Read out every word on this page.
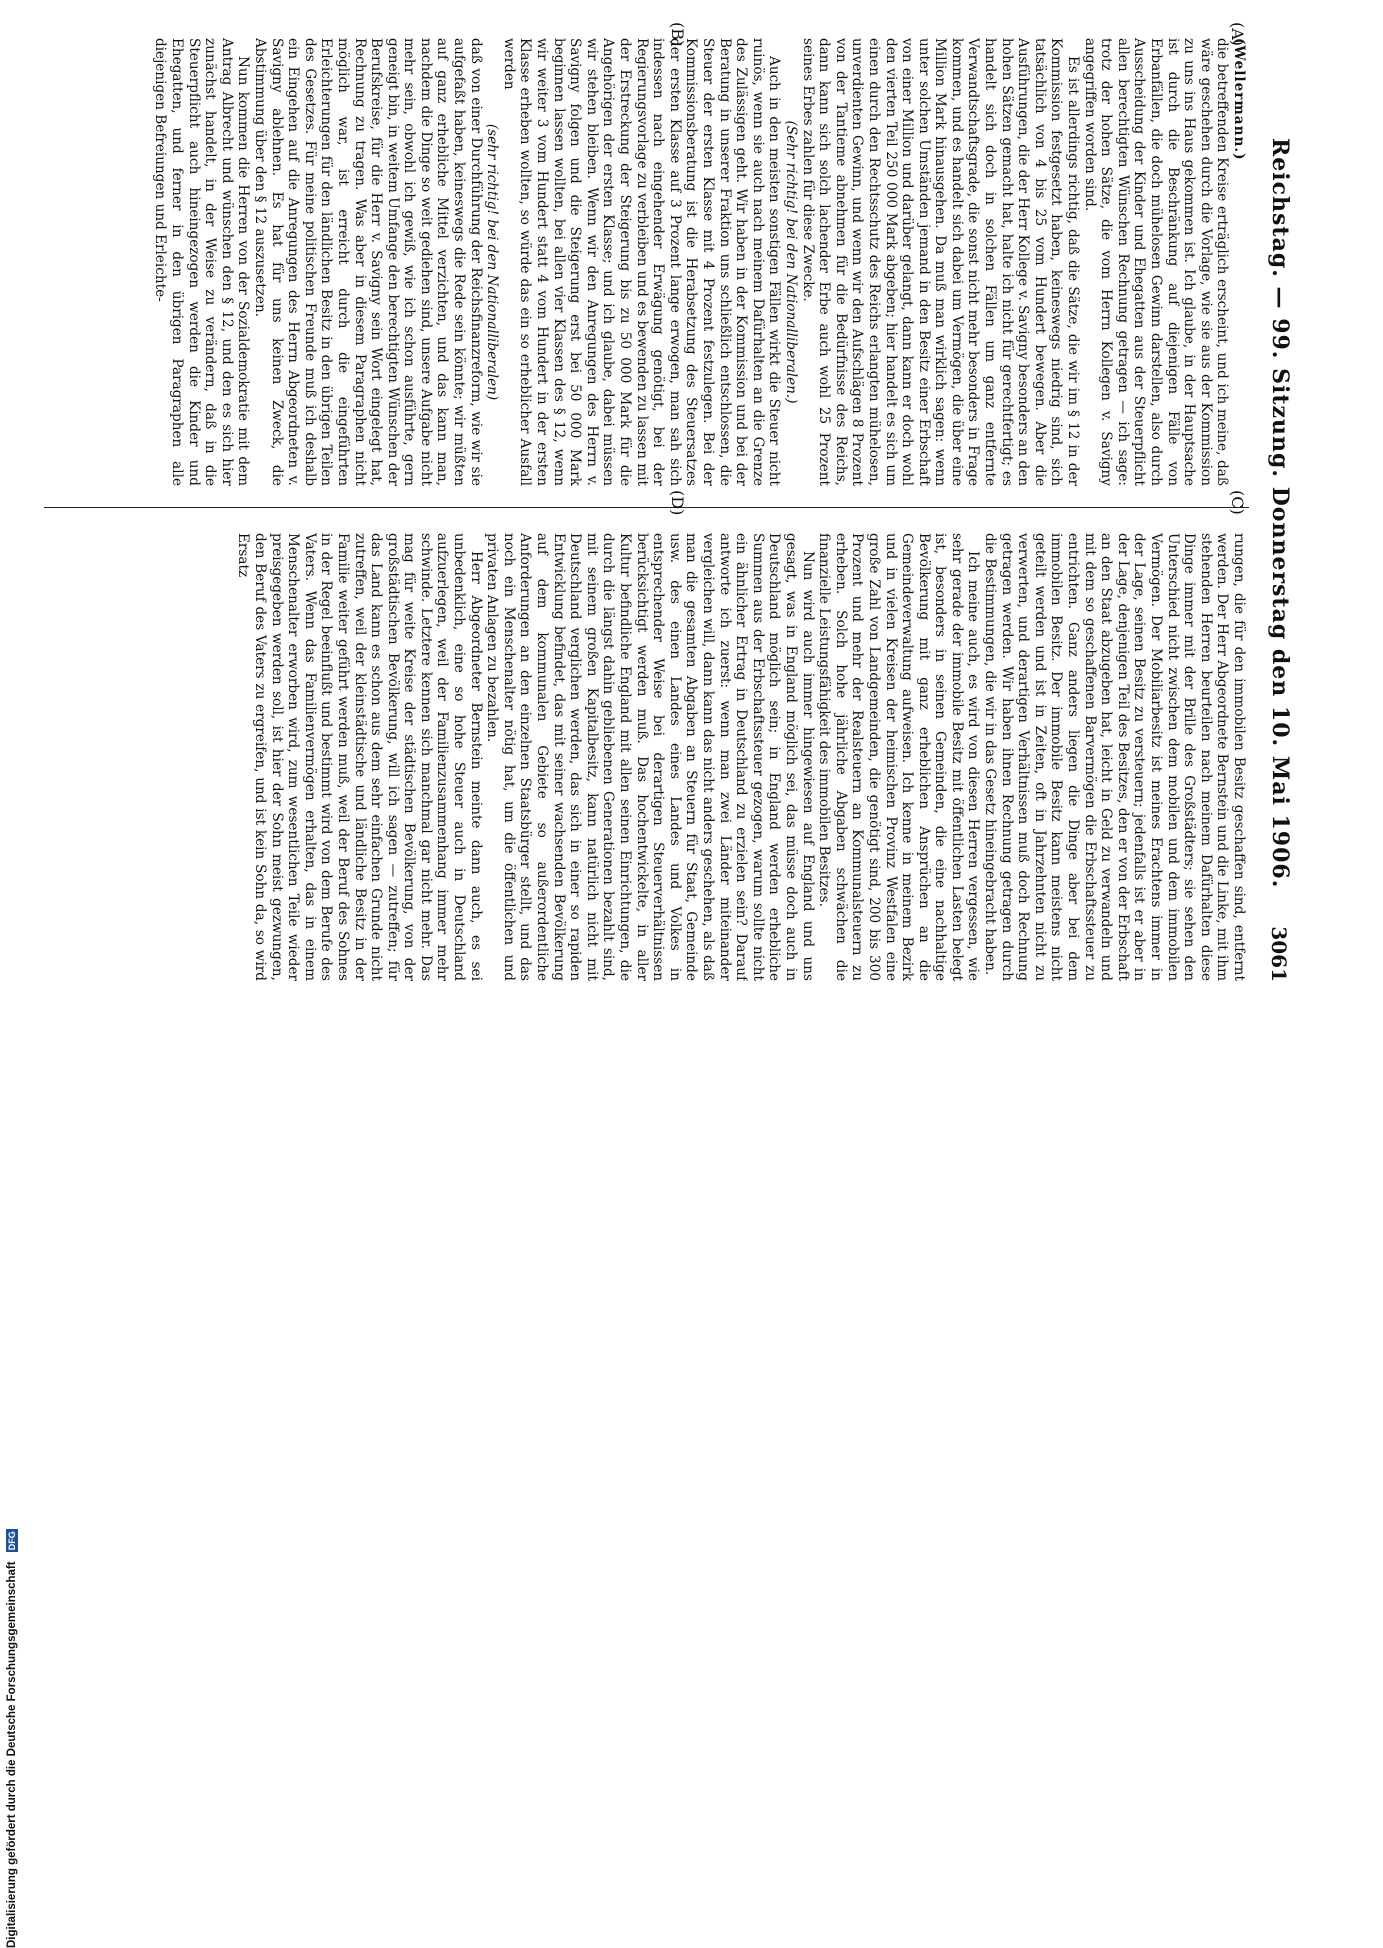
Reichstag. — 99. Sitzung. Donnerstag den 10. Mai 1906.
3061

(Wellermann.)

die betreffenden Kreise erträglich erscheint, und ich meine, daß wäre geschehen durch die Vorlage, wie sie aus der Kommission zu uns ins Haus gekommen ist. Ich glaube, in der Hauptsache ist durch die Beschränkung auf diejenigen Fälle von Erbanfällen, die doch mühelosen Gewinn darstellen, also durch Ausscheidung der Kinder und Ehegatten aus der Steuerpflicht allen berechtigten Wünschen Rechnung getragen — ich sage: trotz der hohen Sätze, die vom Herrn Kollegen v. Savigny angegriffen worden sind.

Es ist allerdings richtig, daß die Sätze, die wir im § 12 in der Kommission festgesetzt haben, keineswegs niedrig sind, sich tatsächlich von 4 bis 25 vom Hundert bewegen. Aber die Ausführungen, die der Herr Kollege v. Savigny besonders an den hohen Sätzen gemacht hat, halte ich nicht für gerechtfertigt; es handelt sich doch in solchen Fällen um ganz entfernte Verwandtschaftsgrade, die sonst nicht mehr besonders in Frage kommen, und es handelt sich dabei um Vermögen, die über eine Million Mark hinausgehen. Da muß man wirklich sagen: wenn unter solchen Umständen jemand in den Besitz einer Erbschaft von einer Million und darüber gelangt, dann kann er doch wohl den vierten Teil 250 000 Mark abgeben; hier handelt es sich um einen durch den Rechtsschutz des Reichs erlangten mühelosen, unverdienten Gewinn, und wenn wir den Aufschlägen 8 Prozent von der Tantieme abnehmen für die Bedürfnisse des Reichs, dann kann sich solch lachender Erbe auch wohl 25 Prozent seines Erbes zahlen für diese Zwecke.

(Sehr richtig! bei den Nationalliberalen.)

Auch in den meisten sonstigen Fällen wirkt die Steuer nicht ruinös, wenn sie auch nach meinem Dafürhalten an die Grenze des Zulässigen geht. Wir haben in der Kommission und bei der Beratung in unserer Fraktion uns schließlich entschlossen, die Steuer der ersten Klasse mit 4 Prozent festzulegen. Bei der Kommissionsberatung ist die Herabsetzung des Steuersatzes der ersten Klasse auf 3 Prozent lange erwogen, man sah sich indessen nach eingehender Erwägung genötigt, bei der Regierungsvorlage zu verbleiben und es bewenden zu lassen mit der Erstreckung der Steigerung bis zu 50 000 Mark für die Angehörigen der ersten Klasse; und ich glaube, dabei müssen wir stehen bleiben. Wenn wir den Anregungen des Herrn v. Savigny folgen und die Steigerung erst bei 50 000 Mark beginnen lassen wollten, bei allen vier Klassen des § 12, wenn wir weiter 3 vom Hundert statt 4 vom Hundert in der ersten Klasse erheben wollten, so würde das ein so erheblicher Ausfall werden

(sehr richtig! bei den Nationalliberalen)

daß von einer Durchführung der Reichsfinanzreform, wie wir sie aufgefaßt haben, keineswegs die Rede sein könnte; wir müßten auf ganz erhebliche Mittel verzichten, und das kann man, nachdem die Dinge so weit gediehen sind, unsere Aufgabe nicht mehr sein, obwohl ich gewiß, wie ich schon ausführte, gern geneigt bin, in weitem Umfange den berechtigten Wünschen der Berufskreise, für die Herr v. Savigny sein Wort eingelegt hat, Rechnung zu tragen. Was aber in diesem Paragraphen nicht möglich war, ist erreicht durch die eingeführten Erleichterungen für den ländlichen Besitz in den übrigen Teilen des Gesetzes. Für meine politischen Freunde muß ich deshalb ein Eingehen auf die Anregungen des Herrn Abgeordneten v. Savigny ablehnen. Es hat für uns keinen Zweck, die Abstimmung über den § 12 auszusetzen.

Nun kommen die Herren von der Sozialdemokratie mit dem Antrag Albrecht und wünschen den § 12, und den es sich hier zunächst handelt, in der Weise zu verändern, daß in die Steuerpflicht auch hineingezogen werden die Kinder und Ehegatten, und ferner in den übrigen Paragraphen alle diejenigen Befreiungen und Erleichte-

rungen, die für den immobilen Besitz geschaffen sind, entfernt werden. Der Herr Abgeordnete Bernstein und die Linke, mit ihm stehenden Herren beurteilen nach meinem Dafürhalten diese Dinge immer mit der Brille des Großstädters; sie sehen den Unterschied nicht zwischen dem mobilen und dem immobilen Vermögen. Der Mobiliarbesitz ist meines Erachtens immer in der Lage, seinen Besitz zu versteuern; jedenfalls ist er aber in der Lage, denjenigen Teil des Besitzes, den er von der Erbschaft an den Staat abzugeben hat, leicht in Geld zu verwandeln und mit dem so geschaffenen Barvermögen die Erbschaftssteuer zu entrichten. Ganz anders liegen die Dinge aber bei dem immobilen Besitz. Der immobile Besitz kann meistens nicht geteilt werden und ist in Zeiten, oft in Jahrzehnten nicht zu verwerten, und derartigen Verhältnissen muß doch Rechnung getragen werden. Wir haben ihnen Rechnung getragen durch die Bestimmungen, die wir in das Gesetz hineingebracht haben.

Ich meine auch, es wird von diesen Herren vergessen, wie sehr gerade der immobile Besitz mit öffentlichen Lasten belegt ist, besonders in seinen Gemeinden, die eine nachhaltige Bevölkerung mit ganz erheblichen Ansprüchen an die Gemeindeverwaltung aufweisen. Ich kenne in meinem Bezirk und in vielen Kreisen der heimischen Provinz Westfalen eine große Zahl von Landgemeinden, die genötigt sind, 200 bis 300 Prozent und mehr der Realsteuern an Kommunalsteuern zu erheben. Solch hohe jährliche Abgaben schwächen die finanzielle Leistungsfähigkeit des immobilen Besitzes.

Nun wird auch immer hingewiesen auf England und uns gesagt, was in England möglich sei, das müsse doch auch in Deutschland möglich sein; in England werden erhebliche Summen aus der Erbschaftssteuer gezogen, warum sollte nicht ein ähnlicher Ertrag in Deutschland zu erzielen sein? Darauf antworte ich zuerst: wenn man zwei Länder miteinander vergleichen will, dann kann das nicht anders geschehen, als daß man die gesamten Abgaben an Steuern für Staat, Gemeinde usw. des einen Landes eines Landes und Volkes in entsprechender Weise bei derartigen Steuerverhältnissen berücksichtigt werden muß. Das hochentwickelte, in aller Kultur befindliche England mit allen seinen Einrichtungen, die durch die längst dahin gebliebenen Generationen bezahlt sind, mit seinem großen Kapitalbesitz, kann natürlich nicht mit Deutschland verglichen werden, das sich in einer so rapiden Entwicklung befindet, das mit seiner wachsenden Bevölkerung auf dem kommunalen Gebiete so außerordentliche Anforderungen an den einzelnen Staatsbürger stellt, und das noch ein Menschenalter nötig hat, um die öffentlichen und privaten Anlagen zu bezahlen.

Herr Abgeordneter Bernstein meinte dann auch, es sei unbedenklich, eine so hohe Steuer auch in Deutschland aufzuerlegen, weil der Familienzusammenhang immer mehr schwinde. Letztere kennen sich manchmal gar nicht mehr. Das mag für weite Kreise der städtischen Bevölkerung, von der großstädtischen Bevölkerung, will ich sagen — zutreffen; für das Land kann es schon aus dem sehr einfachen Grunde nicht zutreffen, weil der kleinstädtische und ländliche Besitz in der Familie weiter geführt werden muß, weil der Beruf des Sohnes in der Regel beeinflußt und bestimmt wird von dem Berufe des Vaters. Wenn das Familienvermögen erhalten, das in einem Menschenalter erworben wird, zum wesentlichen Teile wieder preisgegeben werden soll, ist hier der Sohn meist gezwungen, den Beruf des Vaters zu ergreifen, und ist kein Sohn da, so wird Ersatz

(A)
(B)
(C)
(D)
Digitalisierung gefördert durch die Deutsche Forschungsgemeinschaft DFG
